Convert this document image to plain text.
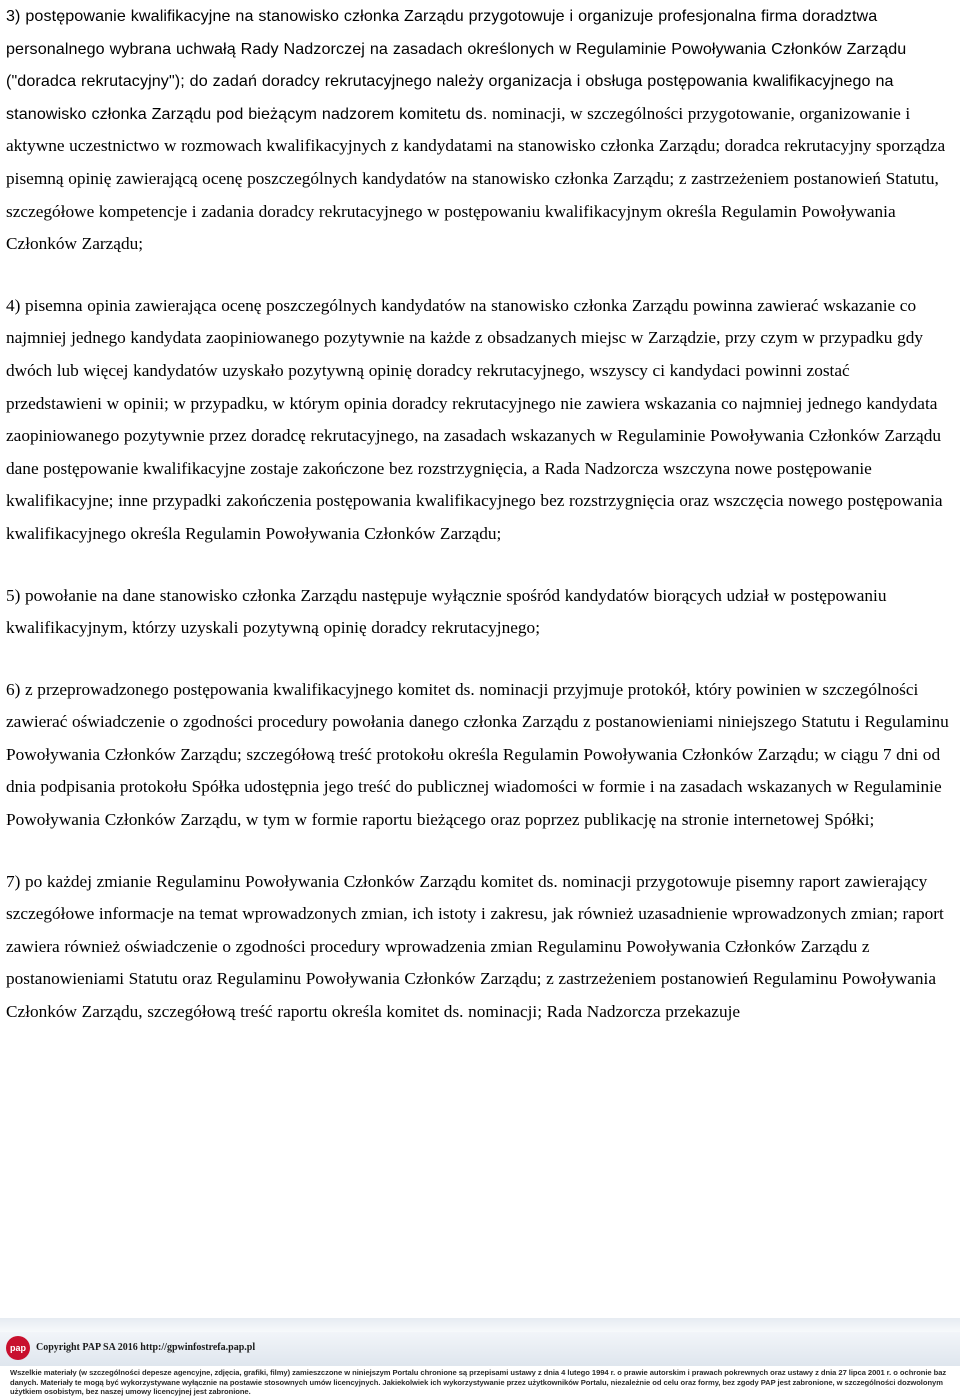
3) postępowanie kwalifikacyjne na stanowisko członka Zarządu przygotowuje i organizuje profesjonalna firma doradztwa personalnego wybrana uchwałą Rady Nadzorczej na zasadach określonych w Regulaminie Powoływania Członków Zarządu ("doradca rekrutacyjny"); do zadań doradcy rekrutacyjnego należy organizacja i obsługa postępowania kwalifikacyjnego na stanowisko członka Zarządu pod bieżącym nadzorem komitetu ds. nominacji, w szczególności przygotowanie, organizowanie i aktywne uczestnictwo w rozmowach kwalifikacyjnych z kandydatami na stanowisko członka Zarządu; doradca rekrutacyjny sporządza pisemną opinię zawierającą ocenę poszczególnych kandydatów na stanowisko członka Zarządu; z zastrzeżeniem postanowień Statutu, szczegółowe kompetencje i zadania doradcy rekrutacyjnego w postępowaniu kwalifikacyjnym określa Regulamin Powoływania Członków Zarządu;

4) pisemna opinia zawierająca ocenę poszczególnych kandydatów na stanowisko członka Zarządu powinna zawierać wskazanie co najmniej jednego kandydata zaopiniowanego pozytywnie na każde z obsadzanych miejsc w Zarządzie, przy czym w przypadku gdy dwóch lub więcej kandydatów uzyskało pozytywną opinię doradcy rekrutacyjnego, wszyscy ci kandydaci powinni zostać przedstawieni w opinii; w przypadku, w którym opinia doradcy rekrutacyjnego nie zawiera wskazania co najmniej jednego kandydata zaopiniowanego pozytywnie przez doradcę rekrutacyjnego, na zasadach wskazanych w Regulaminie Powoływania Członków Zarządu dane postępowanie kwalifikacyjne zostaje zakończone bez rozstrzygnięcia, a Rada Nadzorcza wszczyna nowe postępowanie kwalifikacyjne; inne przypadki zakończenia postępowania kwalifikacyjnego bez rozstrzygnięcia oraz wszczęcia nowego postępowania kwalifikacyjnego określa Regulamin Powoływania Członków Zarządu;

5) powołanie na dane stanowisko członka Zarządu następuje wyłącznie spośród kandydatów biorących udział w postępowaniu kwalifikacyjnym, którzy uzyskali pozytywną opinię doradcy rekrutacyjnego;

6) z przeprowadzonego postępowania kwalifikacyjnego komitet ds. nominacji przyjmuje protokół, który powinien w szczególności zawierać oświadczenie o zgodności procedury powołania danego członka Zarządu z postanowieniami niniejszego Statutu i Regulaminu Powoływania Członków Zarządu; szczegółową treść protokołu określa Regulamin Powoływania Członków Zarządu; w ciągu 7 dni od dnia podpisania protokołu Spółka udostępnia jego treść do publicznej wiadomości w formie i na zasadach wskazanych w Regulaminie Powoływania Członków Zarządu, w tym w formie raportu bieżącego oraz poprzez publikację na stronie internetowej Spółki;

7) po każdej zmianie Regulaminu Powoływania Członków Zarządu komitet ds. nominacji przygotowuje pisemny raport zawierający szczegółowe informacje na temat wprowadzonych zmian, ich istoty i zakresu, jak również uzasadnienie wprowadzonych zmian; raport zawiera również oświadczenie o zgodności procedury wprowadzenia zmian Regulaminu Powoływania Członków Zarządu z postanowieniami Statutu oraz Regulaminu Powoływania Członków Zarządu; z zastrzeżeniem postanowień Regulaminu Powoływania Członków Zarządu, szczegółową treść raportu określa komitet ds. nominacji; Rada Nadzorcza przekazuje

pap	Copyright PAP SA 2016 http://gpwinfostrefa.pap.pl
Wszelkie materiały (w szczególności depesze agencyjne, zdjęcia, grafiki, filmy) zamieszczone w niniejszym Portalu chronione są przepisami ustawy z dnia 4 lutego 1994 r. o prawie autorskim i prawach pokrewnych oraz ustawy z dnia 27 lipca 2001 r. o ochronie baz danych. Materiały te mogą być wykorzystywane wyłącznie na postawie stosownych umów licencyjnych. Jakiekolwiek ich wykorzystywanie przez użytkowników Portalu, niezależnie od celu oraz formy, bez zgody PAP jest zabronione, w szczególności dozwolonym użytkiem osobistym, bez naszej umowy licencyjnej jest zabronione.
